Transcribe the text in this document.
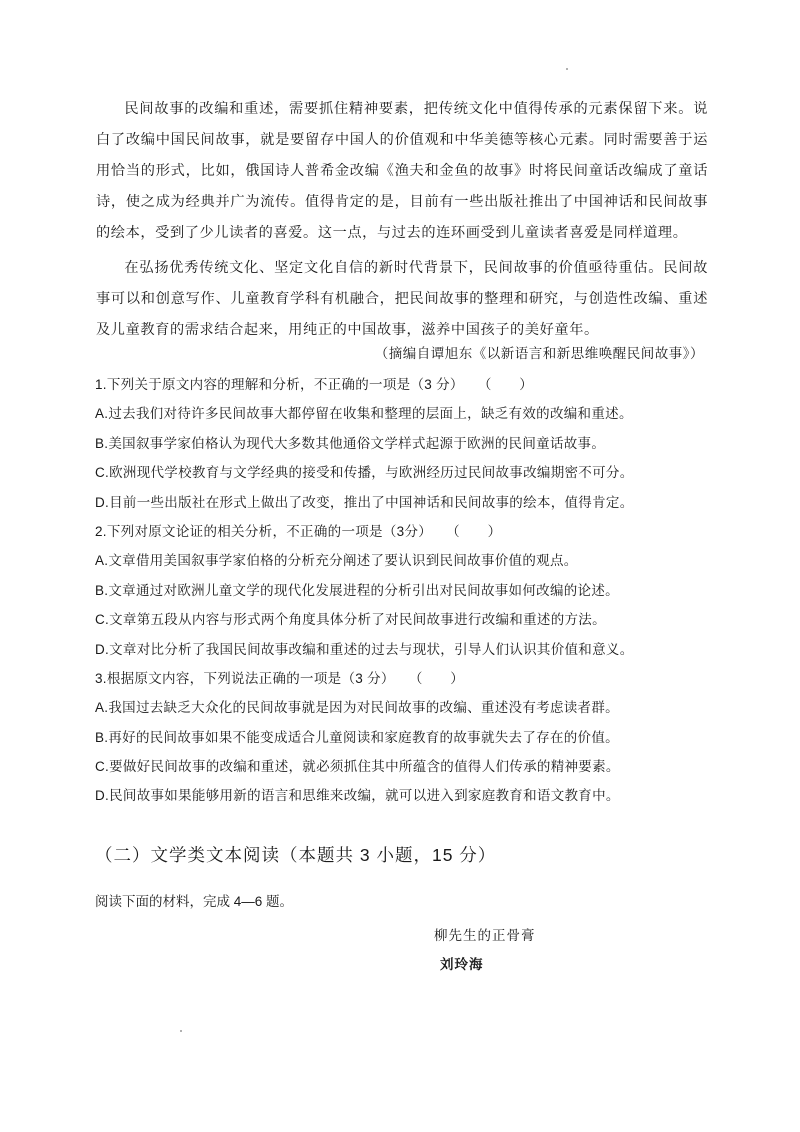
民间故事的改编和重述，需要抓住精神要素，把传统文化中值得传承的元素保留下来。说白了改编中国民间故事，就是要留存中国人的价值观和中华美德等核心元素。同时需要善于运用恰当的形式，比如，俄国诗人普希金改编《渔夫和金鱼的故事》时将民间童话改编成了童话诗，使之成为经典并广为流传。值得肯定的是，目前有一些出版社推出了中国神话和民间故事的绘本，受到了少儿读者的喜爱。这一点，与过去的连环画受到儿童读者喜爱是同样道理。

在弘扬优秀传统文化、坚定文化自信的新时代背景下，民间故事的价值亟待重估。民间故事可以和创意写作、儿童教育学科有机融合，把民间故事的整理和研究，与创造性改编、重述及儿童教育的需求结合起来，用纯正的中国故事，滋养中国孩子的美好童年。

（摘编自谭旭东《以新语言和新思维唤醒民间故事》）
1.下列关于原文内容的理解和分析，不正确的一项是（3 分）　　（　　）
A.过去我们对待许多民间故事大都停留在收集和整理的层面上，缺乏有效的改编和重述。
B.美国叙事学家伯格认为现代大多数其他通俗文学样式起源于欧洲的民间童话故事。
C.欧洲现代学校教育与文学经典的接受和传播，与欧洲经历过民间故事改编期密不可分。
D.目前一些出版社在形式上做出了改变，推出了中国神话和民间故事的绘本，值得肯定。
2.下列对原文论证的相关分析，不正确的一项是（3分）　　（　　）
A.文章借用美国叙事学家伯格的分析充分阐述了要认识到民间故事价值的观点。
B.文章通过对欧洲儿童文学的现代化发展进程的分析引出对民间故事如何改编的论述。
C.文章第五段从内容与形式两个角度具体分析了对民间故事进行改编和重述的方法。
D.文章对比分析了我国民间故事改编和重述的过去与现状，引导人们认识其价值和意义。
3.根据原文内容，下列说法正确的一项是（3 分）　　（　　）
A.我国过去缺乏大众化的民间故事就是因为对民间故事的改编、重述没有考虑读者群。
B.再好的民间故事如果不能变成适合儿童阅读和家庭教育的故事就失去了存在的价值。
C.要做好民间故事的改编和重述，就必须抓住其中所蕴含的值得人们传承的精神要素。
D.民间故事如果能够用新的语言和思维来改编，就可以进入到家庭教育和语文教育中。
（二）文学类文本阅读（本题共 3 小题，15 分）
阅读下面的材料，完成 4—6 题。
柳先生的正骨膏
刘玲海
